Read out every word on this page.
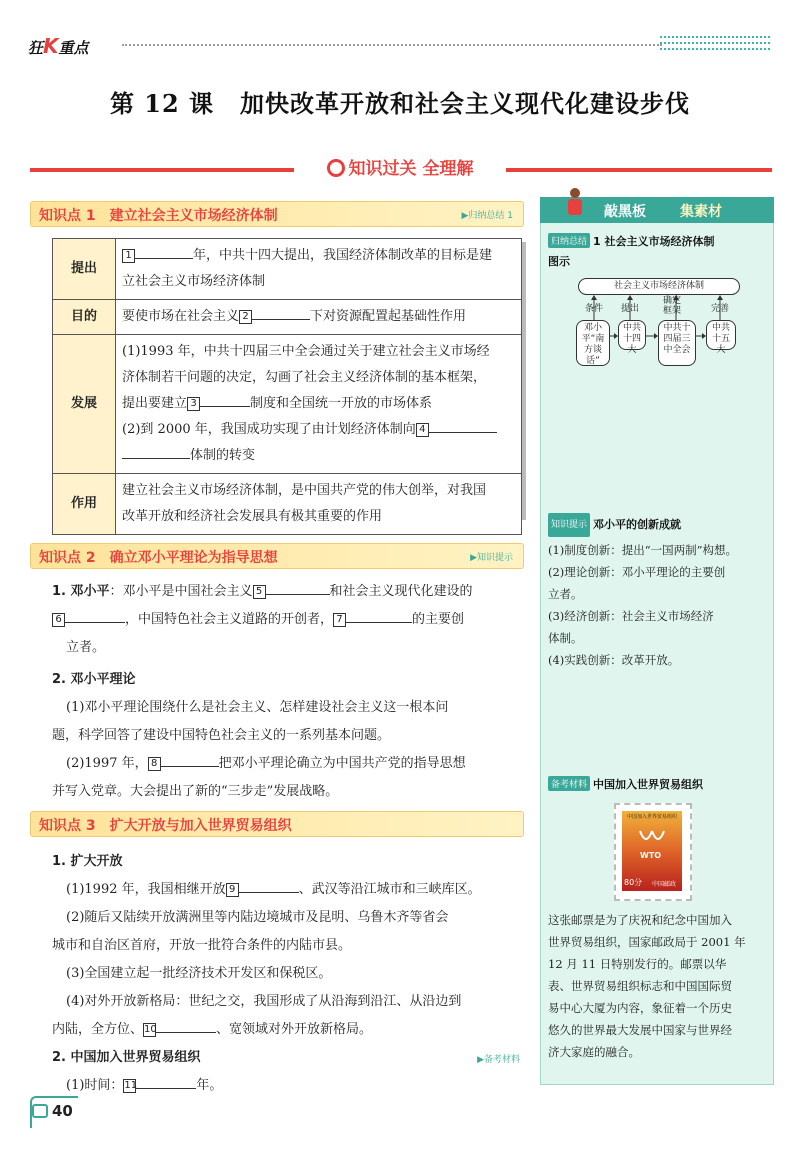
狂K重点
第 12 课 加快改革开放和社会主义现代化建设步伐
知识过关 全理解
知识点 1　建立社会主义市场经济体制	▶归纳总结 1
提出	1 年，中共十四大提出，我国经济体制改革的目标是建
立社会主义市场经济体制
目的	要使市场在社会主义 2 下对资源配置起基础性作用
发展	(1)1993 年，中共十四届三中全会通过关于建立社会主义市场经
济体制若干问题的决定，勾画了社会主义经济体制的基本框架，
提出要建立 3 制度和全国统一开放的市场体系
(2)到 2000 年，我国成功实现了由计划经济体制向 4
体制的转变
作用	建立社会主义市场经济体制，是中国共产党的伟大创举，对我国
改革开放和经济社会发展具有极其重要的作用
知识点 2　确立邓小平理论为指导思想	▶知识提示
1. 邓小平：邓小平是中国社会主义 5	和社会主义现代化建设的
6	，中国特色社会主义道路的开创者， 7	的主要创
立者。
2. 邓小平理论
(1)邓小平理论围绕什么是社会主义、怎样建设社会主义这一根本问
题，科学回答了建设中国特色社会主义的一系列基本问题。
(2)1997 年， 8	把邓小平理论确立为中国共产党的指导思想
并写入党章。大会提出了新的“三步走”发展战略。
知识点 3　扩大开放与加入世界贸易组织
1. 扩大开放
(1)1992 年，我国相继开放 9	、武汉等沿江城市和三峡库区。
(2)随后又陆续开放满洲里等内陆边境城市及昆明、乌鲁木齐等省会
城市和自治区首府，开放一批符合条件的内陆市县。
(3)全国建立起一批经济技术开发区和保税区。
(4)对外开放新格局：世纪之交，我国形成了从沿海到沿江、从沿边到
内陆，全方位、10	、宽领域对外开放新格局。
2. 中国加入世界贸易组织	▶备考材料
(1)时间：11	年。
敲黑板 集素材
归纳总结 1 社会主义市场经济体制
图示
社会主义市场经济体制
条件	提出
确定框架	完善
邓小平“南方谈话”
中共十四大
中共十四届三中全会
中共十五大
知识提示 邓小平的创新成就
(1)制度创新：提出“一国两制”构想。
(2)理论创新：邓小平理论的主要创
立者。
(3)经济创新：社会主义市场经济
体制。
(4)实践创新：改革开放。
备考材料 中国加入世界贸易组织
中国加入世界贸易组织
WTO
80分 中国邮政
这张邮票是为了庆祝和纪念中国加入
世界贸易组织，国家邮政局于 2001 年
12 月 11 日特别发行的。邮票以华
表、世界贸易组织标志和中国国际贸
易中心大厦为内容，象征着一个历史
悠久的世界最大发展中国家与世界经
济大家庭的融合。
40
